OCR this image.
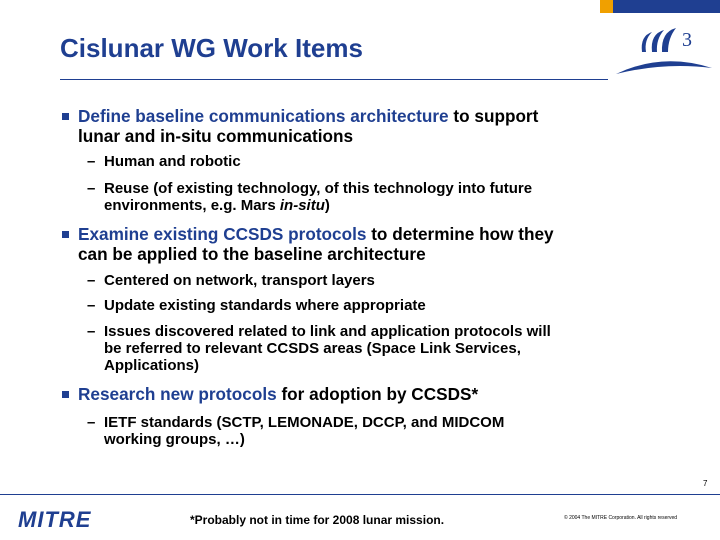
3
Cislunar WG Work Items
Define baseline communications architecture to support
lunar and in-situ communications
– Human and robotic
– Reuse (of existing technology, of this technology into future
environments, e.g. Mars in-situ)
Examine existing CCSDS protocols to determine how they
can be applied to the baseline architecture
– Centered on network, transport layers
– Update existing standards where appropriate
– Issues discovered related to link and application protocols will
be referred to relevant CCSDS areas (Space Link Services,
Applications)
Research new protocols for adoption by CCSDS*
– IETF standards (SCTP, LEMONADE, DCCP, and MIDCOM
working groups, …)
7
MITRE	*Probably not in time for 2008 lunar mission.	© 2004 The MITRE Corporation. All rights reserved
